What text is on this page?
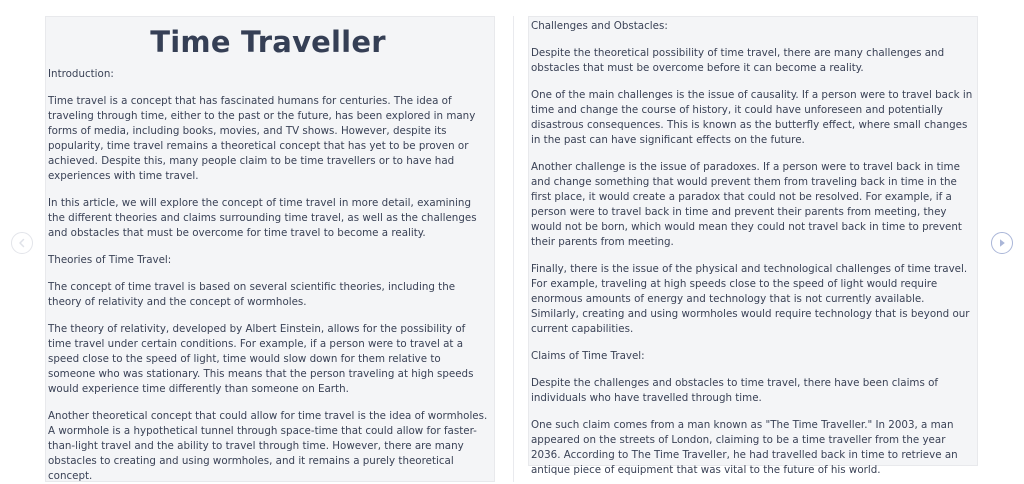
Time Traveller

Introduction:

Time travel is a concept that has fascinated humans for centuries. The idea of traveling through time, either to the past or the future, has been explored in many forms of media, including books, movies, and TV shows. However, despite its popularity, time travel remains a theoretical concept that has yet to be proven or achieved. Despite this, many people claim to be time travellers or to have had experiences with time travel.

In this article, we will explore the concept of time travel in more detail, examining the different theories and claims surrounding time travel, as well as the challenges and obstacles that must be overcome for time travel to become a reality.

Theories of Time Travel:

The concept of time travel is based on several scientific theories, including the theory of relativity and the concept of wormholes.

The theory of relativity, developed by Albert Einstein, allows for the possibility of time travel under certain conditions. For example, if a person were to travel at a speed close to the speed of light, time would slow down for them relative to someone who was stationary. This means that the person traveling at high speeds would experience time differently than someone on Earth.

Another theoretical concept that could allow for time travel is the idea of wormholes. A wormhole is a hypothetical tunnel through space-time that could allow for faster-than-light travel and the ability to travel through time. However, there are many obstacles to creating and using wormholes, and it remains a purely theoretical concept.

Challenges and Obstacles:

Despite the theoretical possibility of time travel, there are many challenges and obstacles that must be overcome before it can become a reality.

One of the main challenges is the issue of causality. If a person were to travel back in time and change the course of history, it could have unforeseen and potentially disastrous consequences. This is known as the butterfly effect, where small changes in the past can have significant effects on the future.

Another challenge is the issue of paradoxes. If a person were to travel back in time and change something that would prevent them from traveling back in time in the first place, it would create a paradox that could not be resolved. For example, if a person were to travel back in time and prevent their parents from meeting, they would not be born, which would mean they could not travel back in time to prevent their parents from meeting.

Finally, there is the issue of the physical and technological challenges of time travel. For example, traveling at high speeds close to the speed of light would require enormous amounts of energy and technology that is not currently available. Similarly, creating and using wormholes would require technology that is beyond our current capabilities.

Claims of Time Travel:

Despite the challenges and obstacles to time travel, there have been claims of individuals who have travelled through time.

One such claim comes from a man known as "The Time Traveller." In 2003, a man appeared on the streets of London, claiming to be a time traveller from the year 2036. According to The Time Traveller, he had travelled back in time to retrieve an antique piece of equipment that was vital to the future of his world.
